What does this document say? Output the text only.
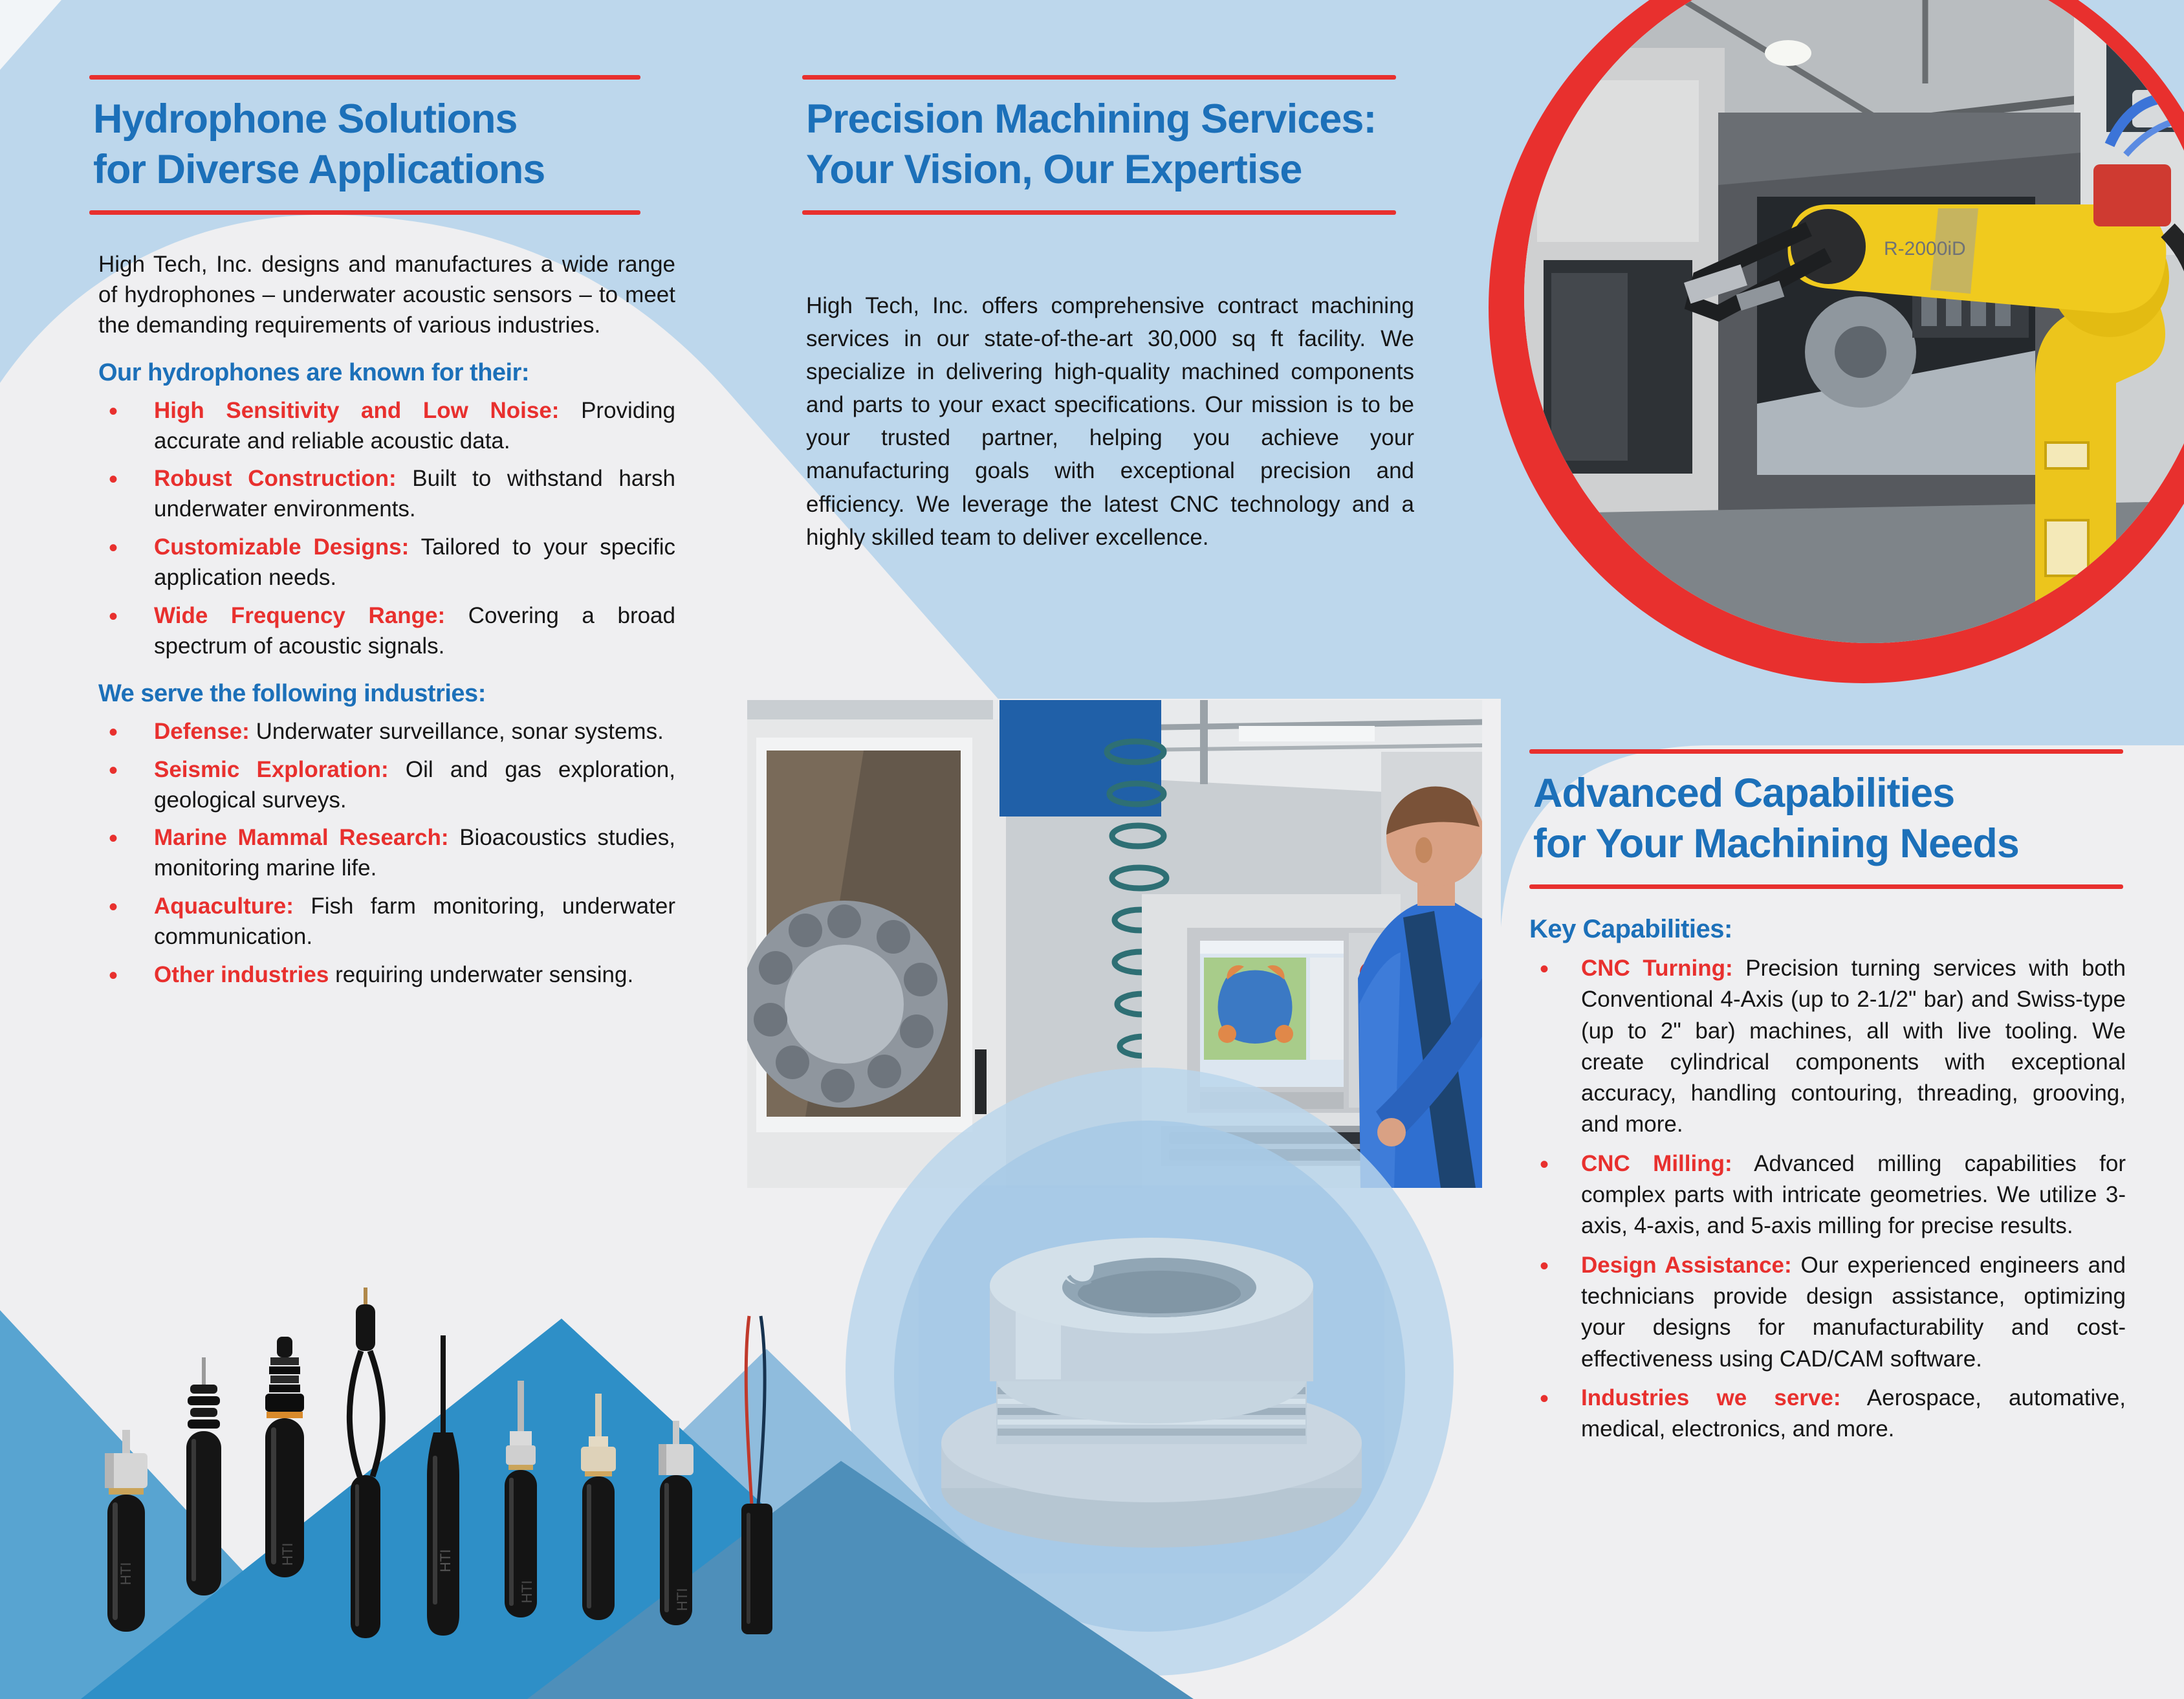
Hydrophone Solutions
for Diverse Applications

High Tech, Inc. designs and manufactures a wide range of hydrophones – underwater acoustic sensors – to meet the demanding requirements of various industries.

Our hydrophones are known for their:
• High Sensitivity and Low Noise: Providing accurate and reliable acoustic data.
• Robust Construction: Built to withstand harsh underwater environments.
• Customizable Designs: Tailored to your specific application needs.
• Wide Frequency Range: Covering a broad spectrum of acoustic signals.
We serve the following industries:
• Defense: Underwater surveillance, sonar systems.
• Seismic Exploration: Oil and gas exploration, geological surveys.
• Marine Mammal Research: Bioacoustics studies, monitoring marine life.
• Aquaculture: Fish farm monitoring, underwater communication.
• Other industries requiring underwater sensing.
Precision Machining Services:
Your Vision, Our Expertise

High Tech, Inc. offers comprehensive contract machining services in our state-of-the-art 30,000 sq ft facility. We specialize in delivering high-quality machined components and parts to your exact specifications. Our mission is to be your trusted partner, helping you achieve your manufacturing goals with exceptional precision and efficiency. We leverage the latest CNC technology and a highly skilled team to deliver excellence.

HTI
HTI	HTI
HTI	HTI
R-2000iD
Advanced Capabilities
for Your Machining Needs
Key Capabilities:
• CNC Turning: Precision turning services with both Conventional 4-Axis (up to 2-1/2" bar) and Swiss-type (up to 2" bar) machines, all with live tooling. We create cylindrical components with exceptional accuracy, handling contouring, threading, grooving, and more.
• CNC Milling: Advanced milling capabilities for complex parts with intricate geometries. We utilize 3-axis, 4-axis, and 5-axis milling for precise results.
• Design Assistance: Our experienced engineers and technicians provide design assistance, optimizing your designs for manufacturability and cost-effectiveness using CAD/CAM software.
• Industries we serve: Aerospace, automative, medical, electronics, and more.
